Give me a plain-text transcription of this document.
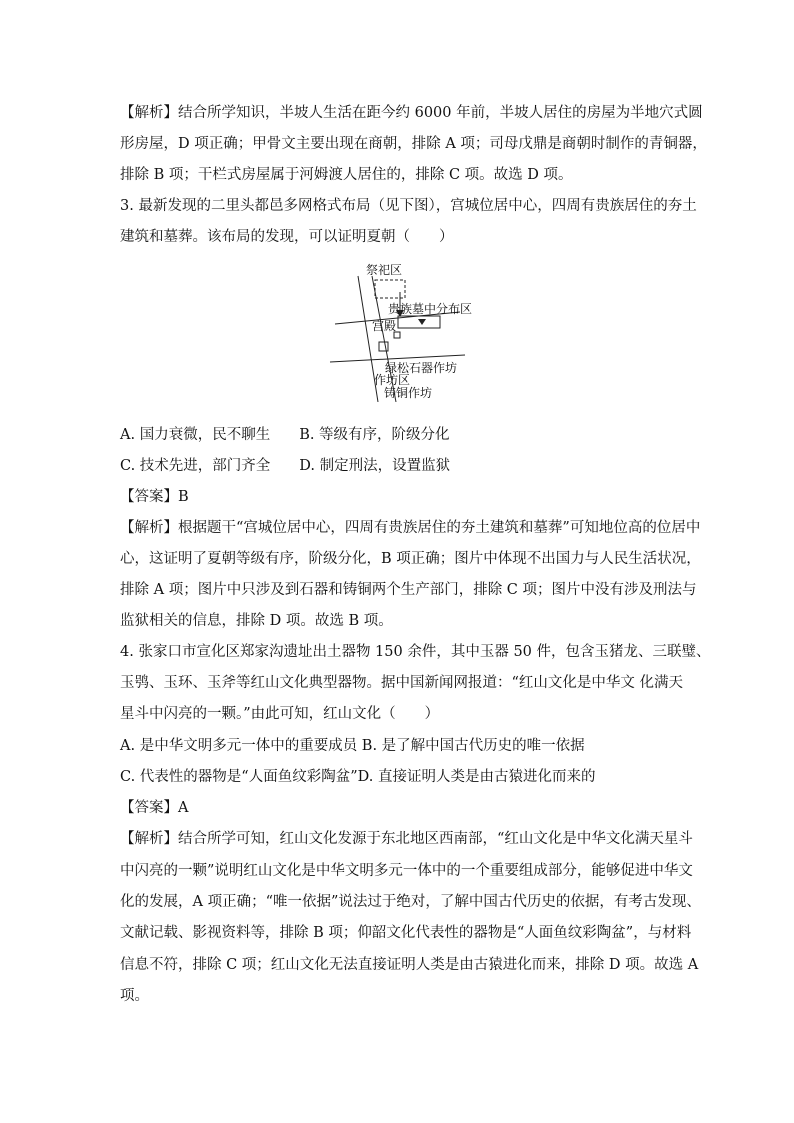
【解析】结合所学知识，半坡人生活在距今约 6000 年前，半坡人居住的房屋为半地穴式圆
形房屋，D 项正确；甲骨文主要出现在商朝，排除 A 项；司母戊鼎是商朝时制作的青铜器，
排除 B 项；干栏式房屋属于河姆渡人居住的，排除 C 项。故选 D 项。
3. 最新发现的二里头都邑多网格式布局（见下图），宫城位居中心，四周有贵族居住的夯土
建筑和墓葬。该布局的发现，可以证明夏朝（　　）
祭祀区
贵族墓中分布区
宫殿
绿松石器作坊
作坊区
铸铜作坊
A. 国力衰微，民不聊生　　B. 等级有序，阶级分化
C. 技术先进，部门齐全　　D. 制定刑法，设置监狱
【答案】B
【解析】根据题干“宫城位居中心，四周有贵族居住的夯土建筑和墓葬”可知地位高的位居中
心，这证明了夏朝等级有序，阶级分化，B 项正确；图片中体现不出国力与人民生活状况，
排除 A 项；图片中只涉及到石器和铸铜两个生产部门，排除 C 项；图片中没有涉及刑法与
监狱相关的信息，排除 D 项。故选 B 项。
4. 张家口市宣化区郑家沟遗址出土器物 150 余件，其中玉器 50 件，包含玉猪龙、三联璧、
玉鸮、玉环、玉斧等红山文化典型器物。据中国新闻网报道：“红山文化是中华文 化满天
星斗中闪亮的一颗。”由此可知，红山文化（　　）
A. 是中华文明多元一体中的重要成员 B. 是了解中国古代历史的唯一依据
C. 代表性的器物是“人面鱼纹彩陶盆”D. 直接证明人类是由古猿进化而来的
【答案】A
【解析】结合所学可知，红山文化发源于东北地区西南部，“红山文化是中华文化满天星斗
中闪亮的一颗”说明红山文化是中华文明多元一体中的一个重要组成部分，能够促进中华文
化的发展，A 项正确；“唯一依据”说法过于绝对，了解中国古代历史的依据，有考古发现、
文献记载、影视资料等，排除 B 项；仰韶文化代表性的器物是“人面鱼纹彩陶盆”，与材料
信息不符，排除 C 项；红山文化无法直接证明人类是由古猿进化而来，排除 D 项。故选 A
项。
